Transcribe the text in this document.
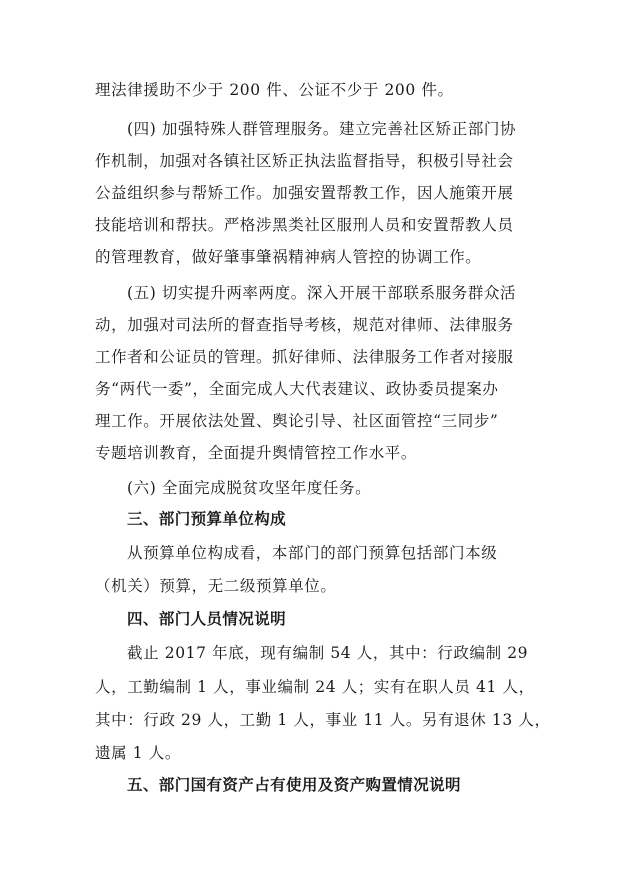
理法律援助不少于 200 件、公证不少于 200 件。
(四) 加强特殊人群管理服务。建立完善社区矫正部门协
作机制，加强对各镇社区矫正执法监督指导，积极引导社会
公益组织参与帮矫工作。加强安置帮教工作，因人施策开展
技能培训和帮扶。严格涉黑类社区服刑人员和安置帮教人员
的管理教育，做好肇事肇祸精神病人管控的协调工作。
(五) 切实提升两率两度。深入开展干部联系服务群众活
动，加强对司法所的督查指导考核，规范对律师、法律服务
工作者和公证员的管理。抓好律师、法律服务工作者对接服
务“两代一委”，全面完成人大代表建议、政协委员提案办
理工作。开展依法处置、舆论引导、社区面管控“三同步”
专题培训教育，全面提升舆情管控工作水平。
(六) 全面完成脱贫攻坚年度任务。
三、部门预算单位构成
从预算单位构成看，本部门的部门预算包括部门本级
（机关）预算，无二级预算单位。
四、部门人员情况说明
截止 2017 年底，现有编制 54 人，其中：行政编制 29
人，工勤编制 1 人，事业编制 24 人；实有在职人员 41 人，
其中：行政 29 人，工勤 1 人，事业 11 人。另有退休 13 人，
遗属 1 人。
五、部门国有资产占有使用及资产购置情况说明
